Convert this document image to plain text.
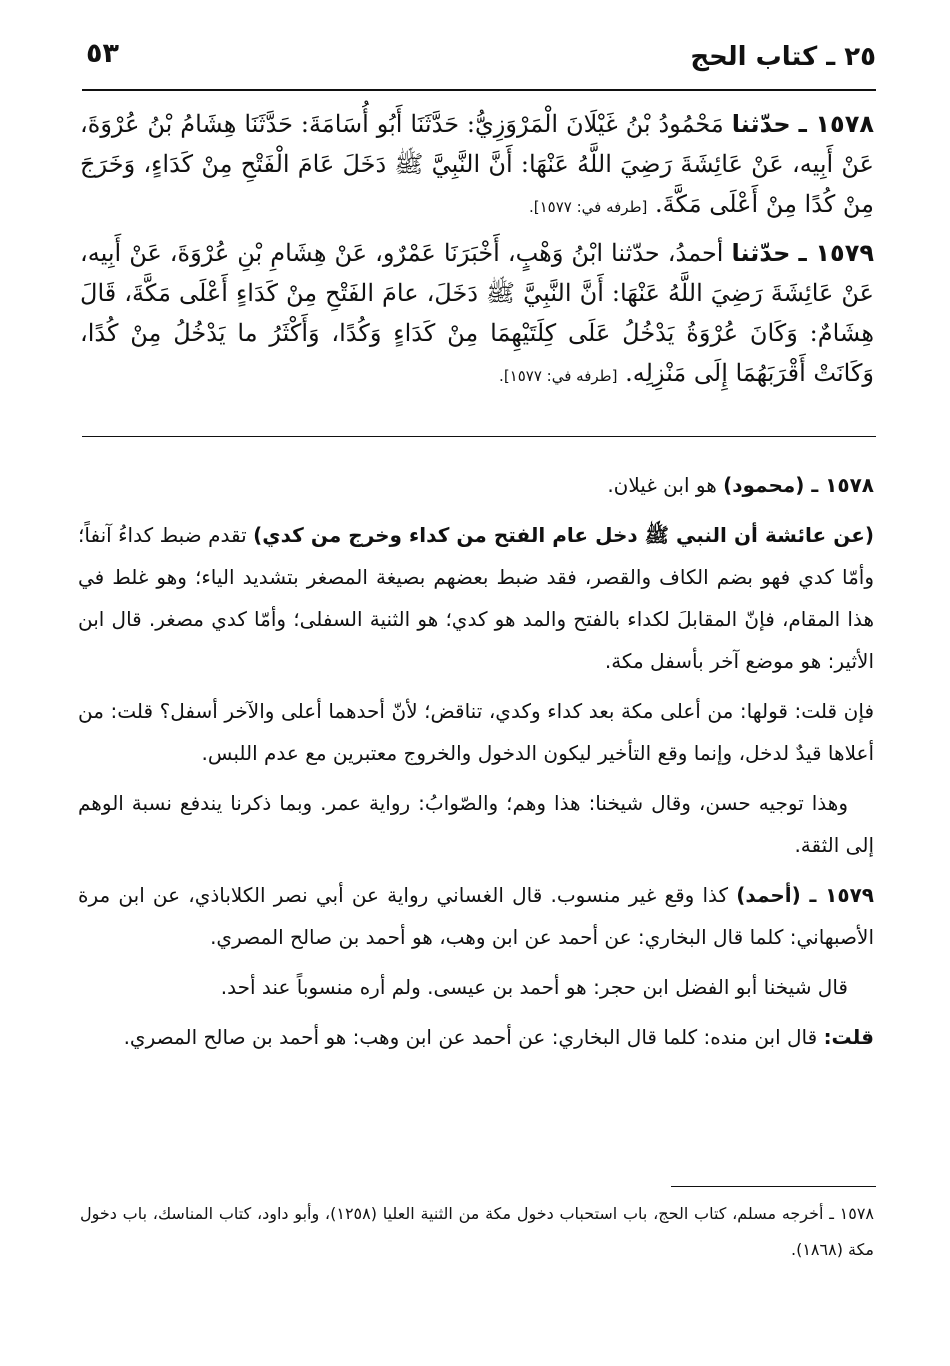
٢٥ ـ كتاب الحج
٥٣

١٥٧٨ ـ حدّثنا مَحْمُودُ بْنُ غَيْلَانَ الْمَرْوَزِيُّ: حَدَّثَنَا أَبُو أُسَامَةَ: حَدَّثَنَا هِشَامُ بْنُ عُرْوَةَ، عَنْ أَبِيه، عَنْ عَائِشَةَ رَضِيَ اللَّهُ عَنْهَا: أَنَّ النَّبِيَّ ﷺ دَخَلَ عَامَ الْفَتْحِ مِنْ كَدَاءٍ، وَخَرَجَ مِنْ كُدًا مِنْ أَعْلَى مَكَّةَ. [طرفه في: ١٥٧٧].

١٥٧٩ ـ حدّثنا أحمدُ، حدّثنا ابْنُ وَهْبٍ، أَخْبَرَنَا عَمْرٌو، عَنْ هِشَامِ بْنِ عُرْوَةَ، عَنْ أَبِيه، عَنْ عَائِشَةَ رَضِيَ اللَّهُ عَنْهَا: أَنَّ النَّبِيَّ ﷺ دَخَلَ، عامَ الفَتْحِ مِنْ كَدَاءٍ أَعْلَى مَكَّةَ، قَالَ هِشَامٌ: وَكَانَ عُرْوَةُ يَدْخُلُ عَلَى كِلَتَيْهِمَا مِنْ كَدَاءٍ وَكُدًا، وَأَكْثَرُ ما يَدْخُلُ مِنْ كُدًا، وَكَانَتْ أَقْرَبَهُمَا إِلَى مَنْزِلِه. [طرفه في: ١٥٧٧].

١٥٧٨ ـ (محمود) هو ابن غيلان.

(عن عائشة أن النبي ﷺ دخل عام الفتح من كداء وخرج من كدي) تقدم ضبط كداءُ آنفاً؛ وأمّا كدي فهو بضم الكاف والقصر، فقد ضبط بعضهم بصيغة المصغر بتشديد الياء؛ وهو غلط في هذا المقام، فإنّ المقابلَ لكداء بالفتح والمد هو كدي؛ هو الثنية السفلى؛ وأمّا كدي مصغر. قال ابن الأثير: هو موضع آخر بأسفل مكة.

فإن قلت: قولها: من أعلى مكة بعد كداء وكدي، تناقض؛ لأنّ أحدهما أعلى والآخر أسفل؟ قلت: من أعلاها قيدٌ لدخل، وإنما وقع التأخير ليكون الدخول والخروج معتبرين مع عدم اللبس.

وهذا توجيه حسن، وقال شيخنا: هذا وهم؛ والصّوابُ: رواية عمر. وبما ذكرنا يندفع نسبة الوهم إلى الثقة.

١٥٧٩ ـ (أحمد) كذا وقع غير منسوب. قال الغساني رواية عن أبي نصر الكلاباذي، عن ابن مرة الأصبهاني: كلما قال البخاري: عن أحمد عن ابن وهب، هو أحمد بن صالح المصري.

قال شيخنا أبو الفضل ابن حجر: هو أحمد بن عيسى. ولم أره منسوباً عند أحد.

قلت: قال ابن منده: كلما قال البخاري: عن أحمد عن ابن وهب: هو أحمد بن صالح المصري.

١٥٧٨ ـ أخرجه مسلم، كتاب الحج، باب استحباب دخول مكة من الثنية العليا (١٢٥٨)، وأبو داود، كتاب المناسك، باب دخول مكة (١٨٦٨).
